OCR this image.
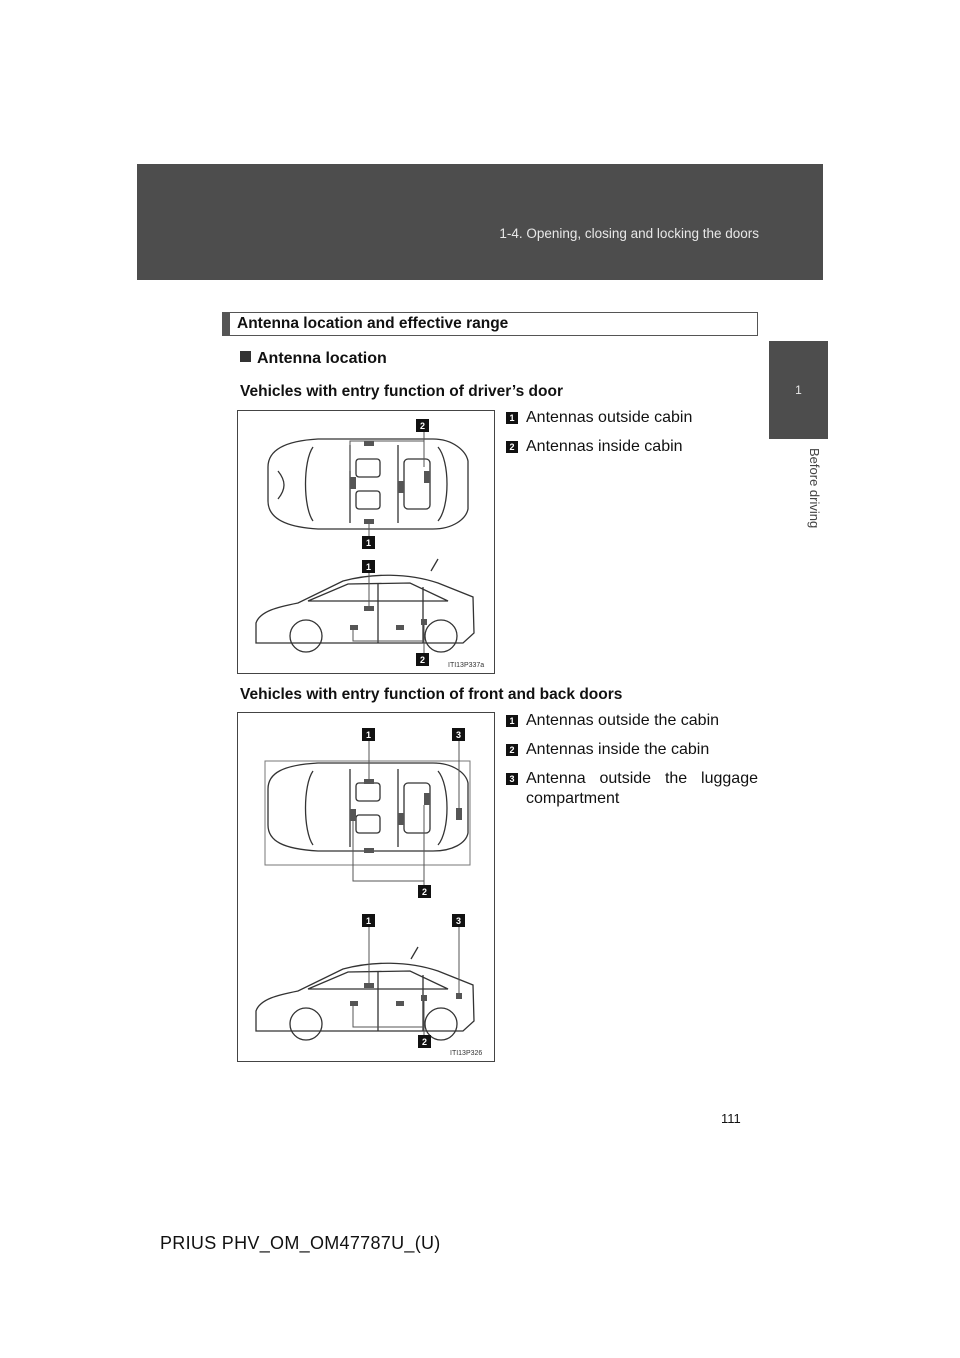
1-4. Opening, closing and locking the doors
1
Before driving
Antenna location and effective range
Antenna location
Vehicles with entry function of driver’s door
2
1
1
2
ITI13P337a
1 Antennas outside cabin
2 Antennas inside cabin
Vehicles with entry function of front and back doors
1	3
2
1	3
2
ITI13P326
1 Antennas outside the cabin
2 Antennas inside the cabin
3 Antenna outside the luggage compartment
111
PRIUS PHV_OM_OM47787U_(U)
